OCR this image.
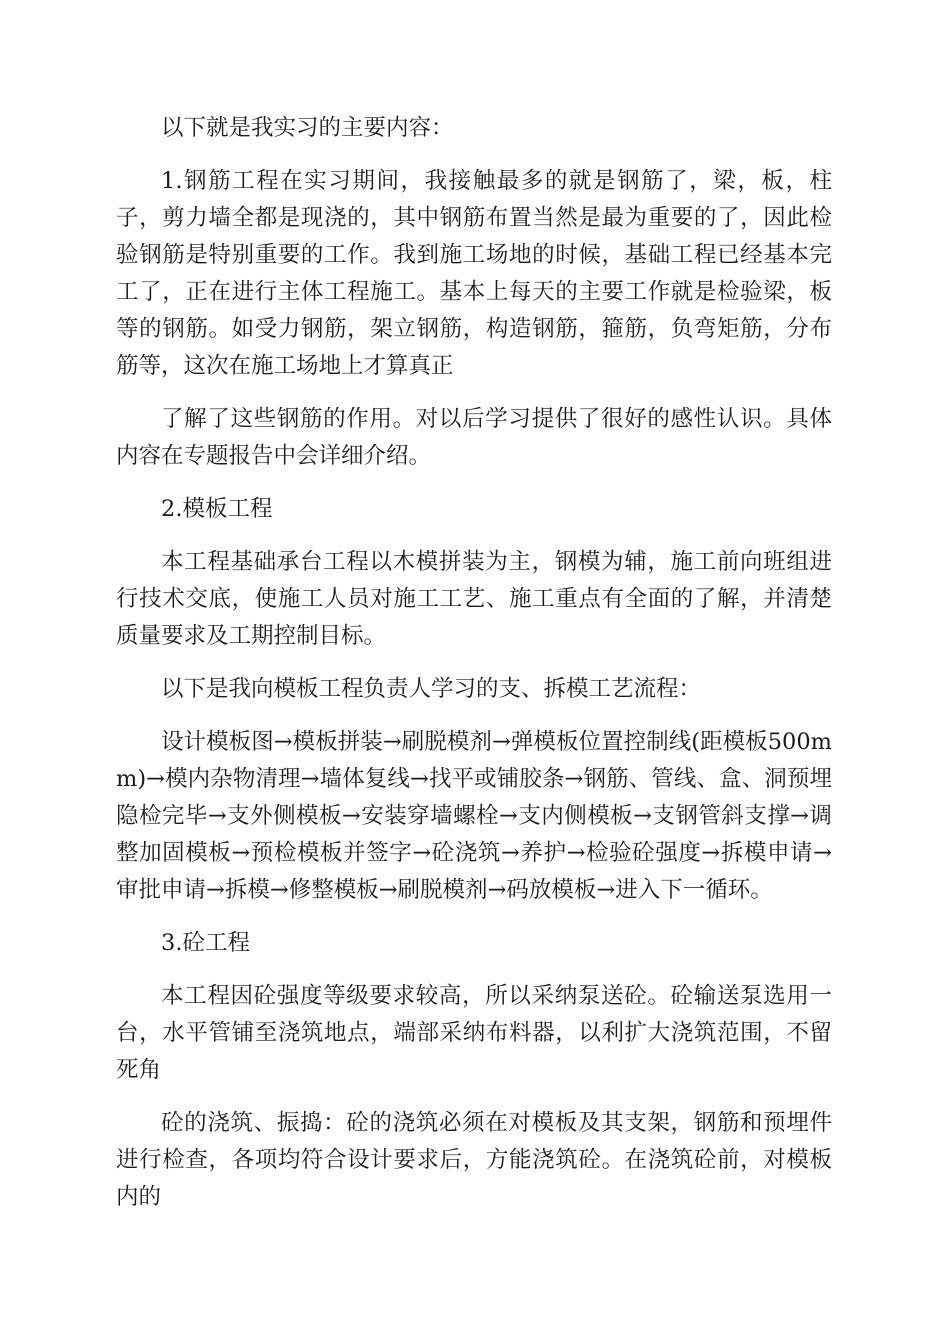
以下就是我实习的主要内容：

1.钢筋工程在实习期间，我接触最多的就是钢筋了，梁，板，柱子，剪力墙全都是现浇的，其中钢筋布置当然是最为重要的了，因此检验钢筋是特别重要的工作。我到施工场地的时候，基础工程已经基本完工了，正在进行主体工程施工。基本上每天的主要工作就是检验梁，板等的钢筋。如受力钢筋，架立钢筋，构造钢筋，箍筋，负弯矩筋，分布筋等，这次在施工场地上才算真正

了解了这些钢筋的作用。对以后学习提供了很好的感性认识。具体内容在专题报告中会详细介绍。

2.模板工程

本工程基础承台工程以木模拼装为主，钢模为辅，施工前向班组进行技术交底，使施工人员对施工工艺、施工重点有全面的了解，并清楚质量要求及工期控制目标。

以下是我向模板工程负责人学习的支、拆模工艺流程：

设计模板图→模板拼装→刷脱模剂→弹模板位置控制线(距模板500mm)→模内杂物清理→墙体复线→找平或铺胶条→钢筋、管线、盒、洞预埋隐检完毕→支外侧模板→安装穿墙螺栓→支内侧模板→支钢管斜支撑→调整加固模板→预检模板并签字→砼浇筑→养护→检验砼强度→拆模申请→审批申请→拆模→修整模板→刷脱模剂→码放模板→进入下一循环。

3.砼工程

本工程因砼强度等级要求较高，所以采纳泵送砼。砼输送泵选用一台，水平管铺至浇筑地点，端部采纳布料器，以利扩大浇筑范围，不留死角

砼的浇筑、振捣：砼的浇筑必须在对模板及其支架，钢筋和预埋件进行检查，各项均符合设计要求后，方能浇筑砼。在浇筑砼前，对模板内的
